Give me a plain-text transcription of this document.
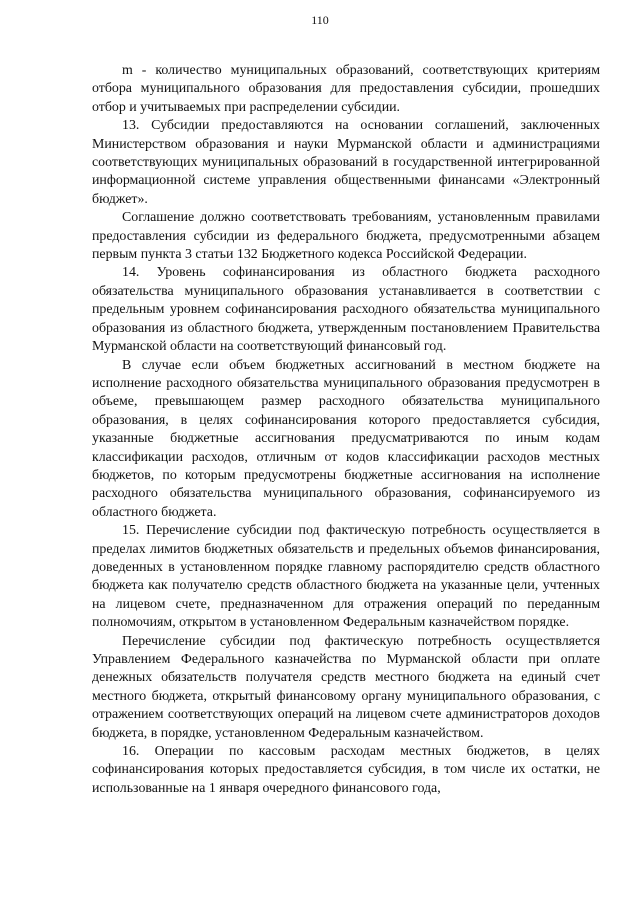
110

m - количество муниципальных образований, соответствующих критериям отбора муниципального образования для предоставления субсидии, прошедших отбор и учитываемых при распределении субсидии.

13. Субсидии предоставляются на основании соглашений, заключенных Министерством образования и науки Мурманской области и администрациями соответствующих муниципальных образований в государственной интегрированной информационной системе управления общественными финансами «Электронный бюджет».

Соглашение должно соответствовать требованиям, установленным правилами предоставления субсидии из федерального бюджета, предусмотренными абзацем первым пункта 3 статьи 132 Бюджетного кодекса Российской Федерации.

14. Уровень софинансирования из областного бюджета расходного обязательства муниципального образования устанавливается в соответствии с предельным уровнем софинансирования расходного обязательства муниципального образования из областного бюджета, утвержденным постановлением Правительства Мурманской области на соответствующий финансовый год.

В случае если объем бюджетных ассигнований в местном бюджете на исполнение расходного обязательства муниципального образования предусмотрен в объеме, превышающем размер расходного обязательства муниципального образования, в целях софинансирования которого предоставляется субсидия, указанные бюджетные ассигнования предусматриваются по иным кодам классификации расходов, отличным от кодов классификации расходов местных бюджетов, по которым предусмотрены бюджетные ассигнования на исполнение расходного обязательства муниципального образования, софинансируемого из областного бюджета.

15. Перечисление субсидии под фактическую потребность осуществляется в пределах лимитов бюджетных обязательств и предельных объемов финансирования, доведенных в установленном порядке главному распорядителю средств областного бюджета как получателю средств областного бюджета на указанные цели, учтенных на лицевом счете, предназначенном для отражения операций по переданным полномочиям, открытом в установленном Федеральным казначейством порядке.

Перечисление субсидии под фактическую потребность осуществляется Управлением Федерального казначейства по Мурманской области при оплате денежных обязательств получателя средств местного бюджета на единый счет местного бюджета, открытый финансовому органу муниципального образования, с отражением соответствующих операций на лицевом счете администраторов доходов бюджета, в порядке, установленном Федеральным казначейством.

16. Операции по кассовым расходам местных бюджетов, в целях софинансирования которых предоставляется субсидия, в том числе их остатки, не использованные на 1 января очередного финансового года,
